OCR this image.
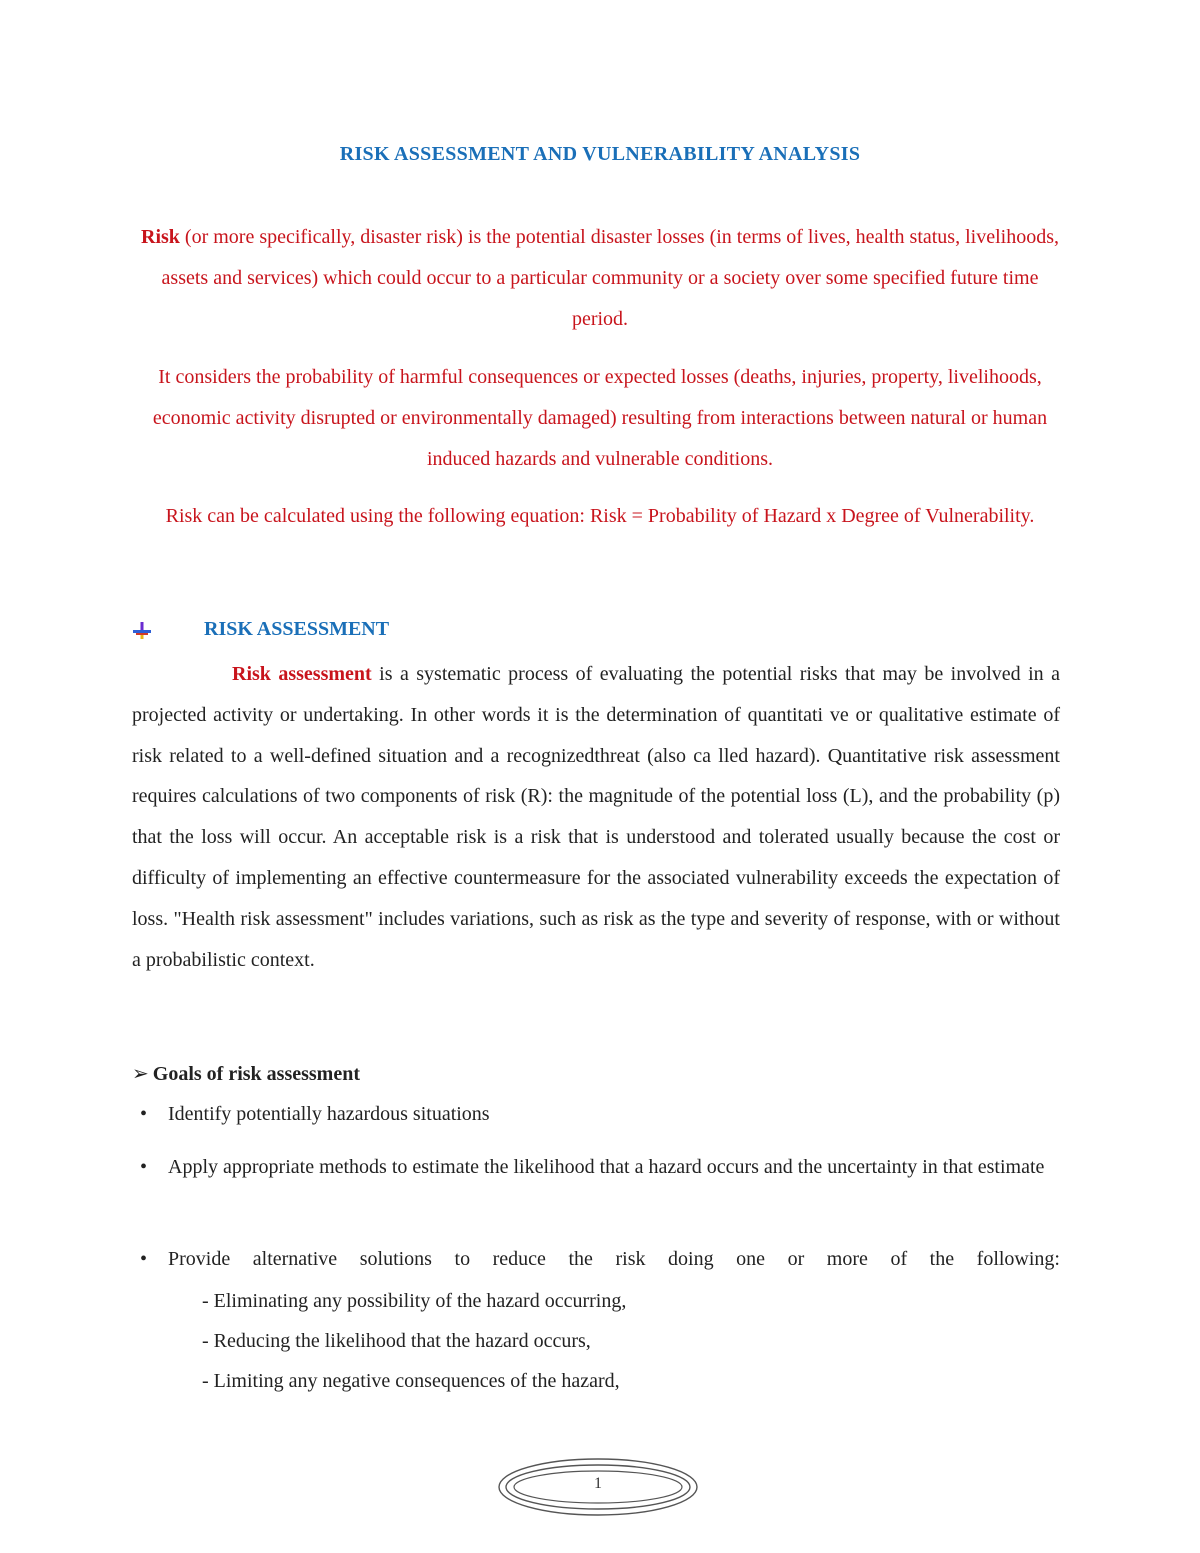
RISK ASSESSMENT AND VULNERABILITY ANALYSIS
Risk (or more specifically, disaster risk) is the potential disaster losses (in terms of lives, health status, livelihoods, assets and services) which could occur to a particular community or a society over some specified future time period.
It considers the probability of harmful consequences or expected losses (deaths, injuries, property, livelihoods, economic activity disrupted or environmentally damaged) resulting from interactions between natural or human induced hazards and vulnerable conditions.
Risk can be calculated using the following equation: Risk = Probability of Hazard x Degree of Vulnerability.
RISK ASSESSMENT
Risk assessment is a systematic process of evaluating the potential risks that may be involved in a projected activity or undertaking. In other words it is the determination of quantitati ve or qualitative estimate of risk related to a well-defined situation and a recognizedthreat (also ca lled hazard). Quantitative risk assessment requires calculations of two components of risk (R): the magnitude of the potential loss (L), and the probability (p) that the loss will occur. An acceptable risk is a risk that is understood and tolerated usually because the cost or difficulty of implementing an effective countermeasure for the associated vulnerability exceeds the expectation of loss. "Health risk assessment" includes variations, such as risk as the type and severity of response, with or without a probabilistic context.
➢ Goals of risk assessment
•	Identify potentially hazardous situations
•	Apply appropriate methods to estimate the likelihood that a hazard occurs and the uncertainty in that estimate
•	Provide alternative solutions to reduce the risk doing one or more of the following:
- Eliminating any possibility of the hazard occurring,
- Reducing the likelihood that the hazard occurs,
- Limiting any negative consequences of the hazard,
1
